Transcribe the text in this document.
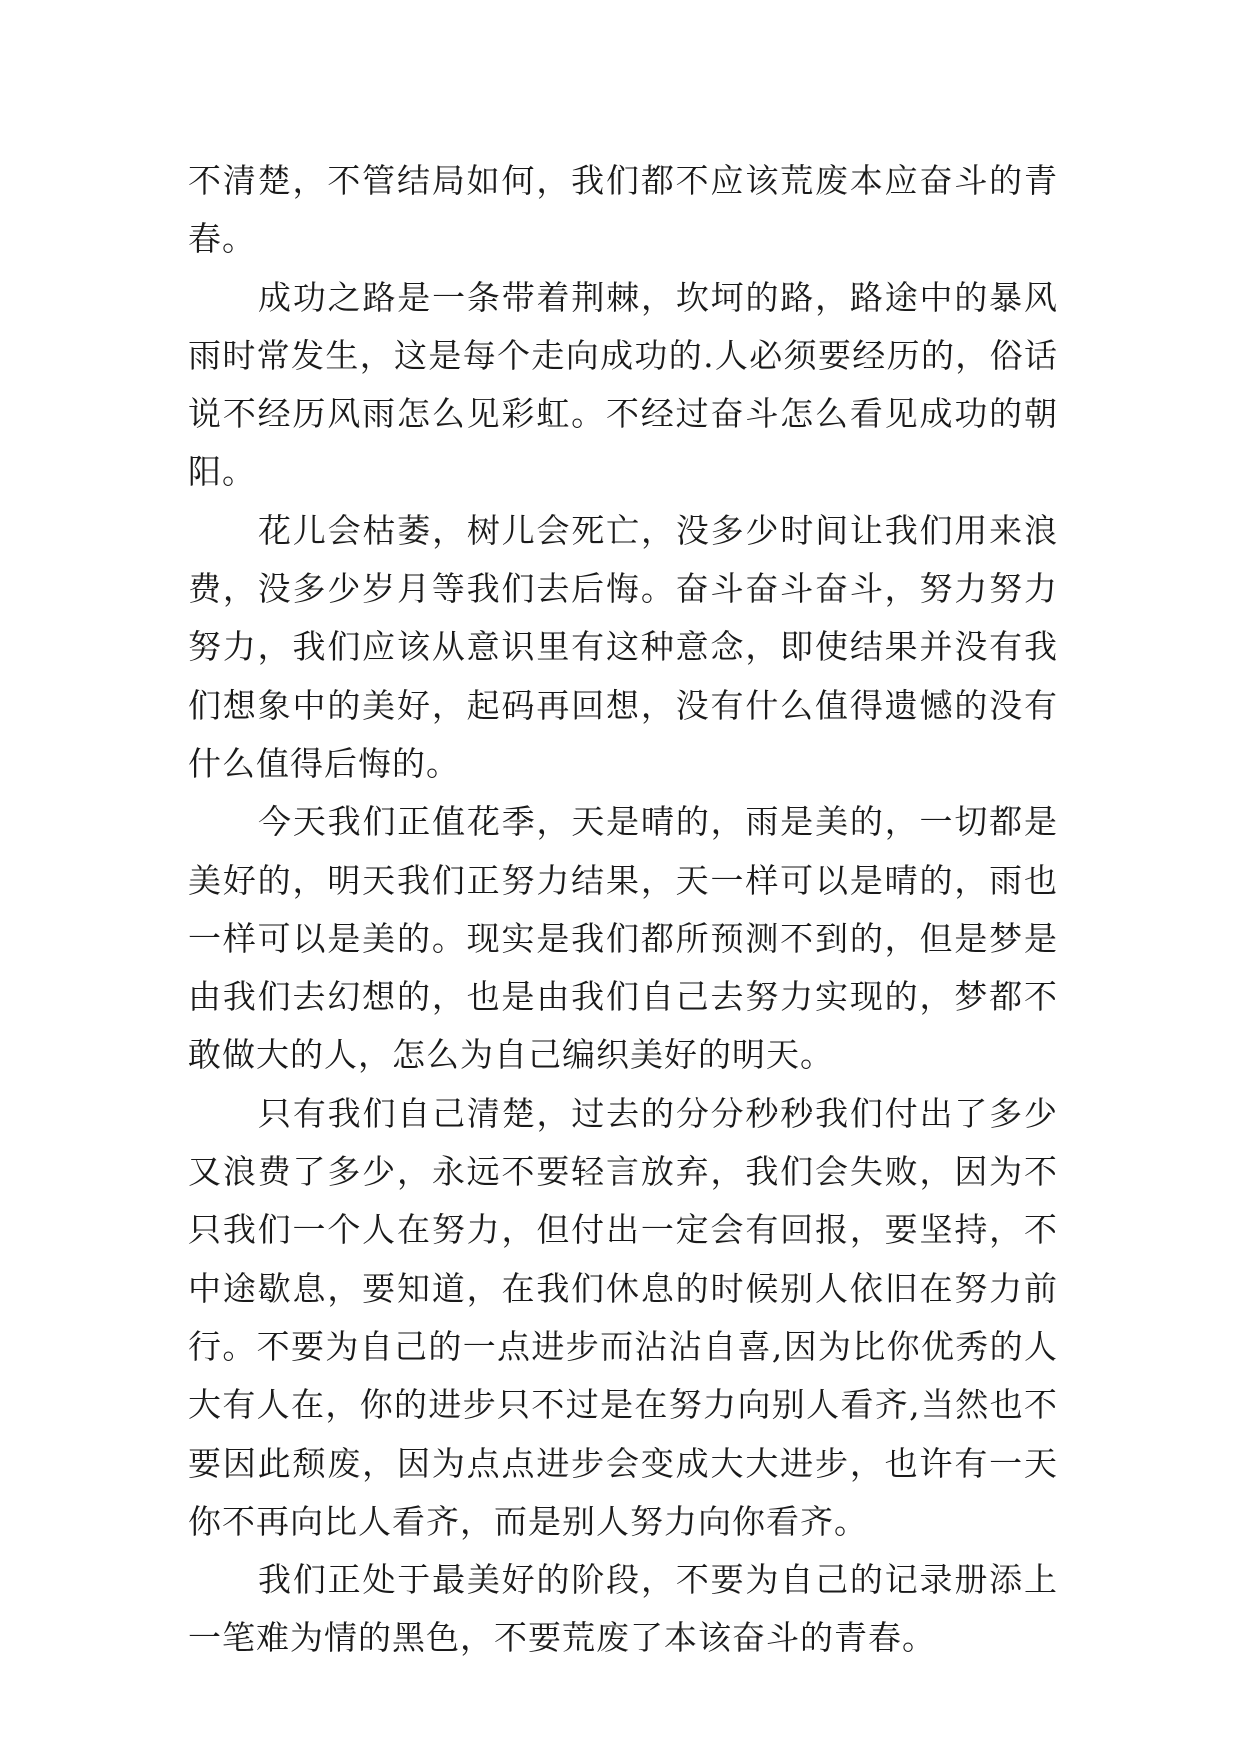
不清楚，不管结局如何，我们都不应该荒废本应奋斗的青春。

成功之路是一条带着荆棘，坎坷的路，路途中的暴风雨时常发生，这是每个走向成功的.人必须要经历的，俗话说不经历风雨怎么见彩虹。不经过奋斗怎么看见成功的朝阳。

花儿会枯萎，树儿会死亡，没多少时间让我们用来浪费，没多少岁月等我们去后悔。奋斗奋斗奋斗，努力努力努力，我们应该从意识里有这种意念，即使结果并没有我们想象中的美好，起码再回想，没有什么值得遗憾的没有什么值得后悔的。

今天我们正值花季，天是晴的，雨是美的，一切都是美好的，明天我们正努力结果，天一样可以是晴的，雨也一样可以是美的。现实是我们都所预测不到的，但是梦是由我们去幻想的，也是由我们自己去努力实现的，梦都不敢做大的人，怎么为自己编织美好的明天。

只有我们自己清楚，过去的分分秒秒我们付出了多少又浪费了多少，永远不要轻言放弃，我们会失败，因为不只我们一个人在努力，但付出一定会有回报，要坚持，不中途歇息，要知道，在我们休息的时候别人依旧在努力前行。不要为自己的一点进步而沾沾自喜,因为比你优秀的人大有人在，你的进步只不过是在努力向别人看齐,当然也不要因此颓废，因为点点进步会变成大大进步，也许有一天你不再向比人看齐，而是别人努力向你看齐。

我们正处于最美好的阶段，不要为自己的记录册添上一笔难为情的黑色，不要荒废了本该奋斗的青春。
